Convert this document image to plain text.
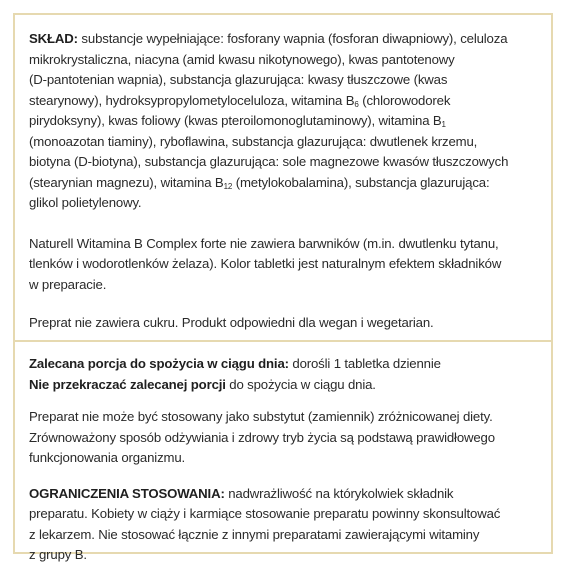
SKŁAD: substancje wypełniające: fosforany wapnia (fosforan diwapniowy), celuloza
mikrokrystaliczna, niacyna (amid kwasu nikotynowego), kwas pantotenowy
(D-pantotenian wapnia), substancja glazurująca: kwasy tłuszczowe (kwas
stearynowy), hydroksypropylometyloceluloza, witamina $B_6$ (chlorowodorek
pirydoksyny), kwas foliowy (kwas pteroilomonoglutaminowy), witamina $B_1$
(monoazotan tiaminy), ryboflawina, substancja glazurująca: dwutlenek krzemu,
biotyna (D-biotyna), substancja glazurująca: sole magnezowe kwasów tłuszczowych
(stearynian magnezu), witamina $B_{12}$ (metylokobalamina), substancja glazurująca:
glikol polietylenowy.

Naturell Witamina B Complex forte nie zawiera barwników (m.in. dwutlenku tytanu,
tlenków i wodorotlenków żelaza). Kolor tabletki jest naturalnym efektem składników
w preparacie.

Preprat nie zawiera cukru. Produkt odpowiedni dla wegan i wegetarian.

Zalecana porcja do spożycia w ciągu dnia: dorośli 1 tabletka dziennie
Nie przekraczać zalecanej porcji do spożycia w ciągu dnia.

Preparat nie może być stosowany jako substytut (zamiennik) zróżnicowanej diety.
Zrównoważony sposób odżywiania i zdrowy tryb życia są podstawą prawidłowego
funkcjonowania organizmu.

OGRANICZENIA STOSOWANIA: nadwrażliwość na którykolwiek składnik
preparatu. Kobiety w ciąży i karmiące stosowanie preparatu powinny skonsultować
z lekarzem. Nie stosować łącznie z innymi preparatami zawierającymi witaminy
z grupy B.
